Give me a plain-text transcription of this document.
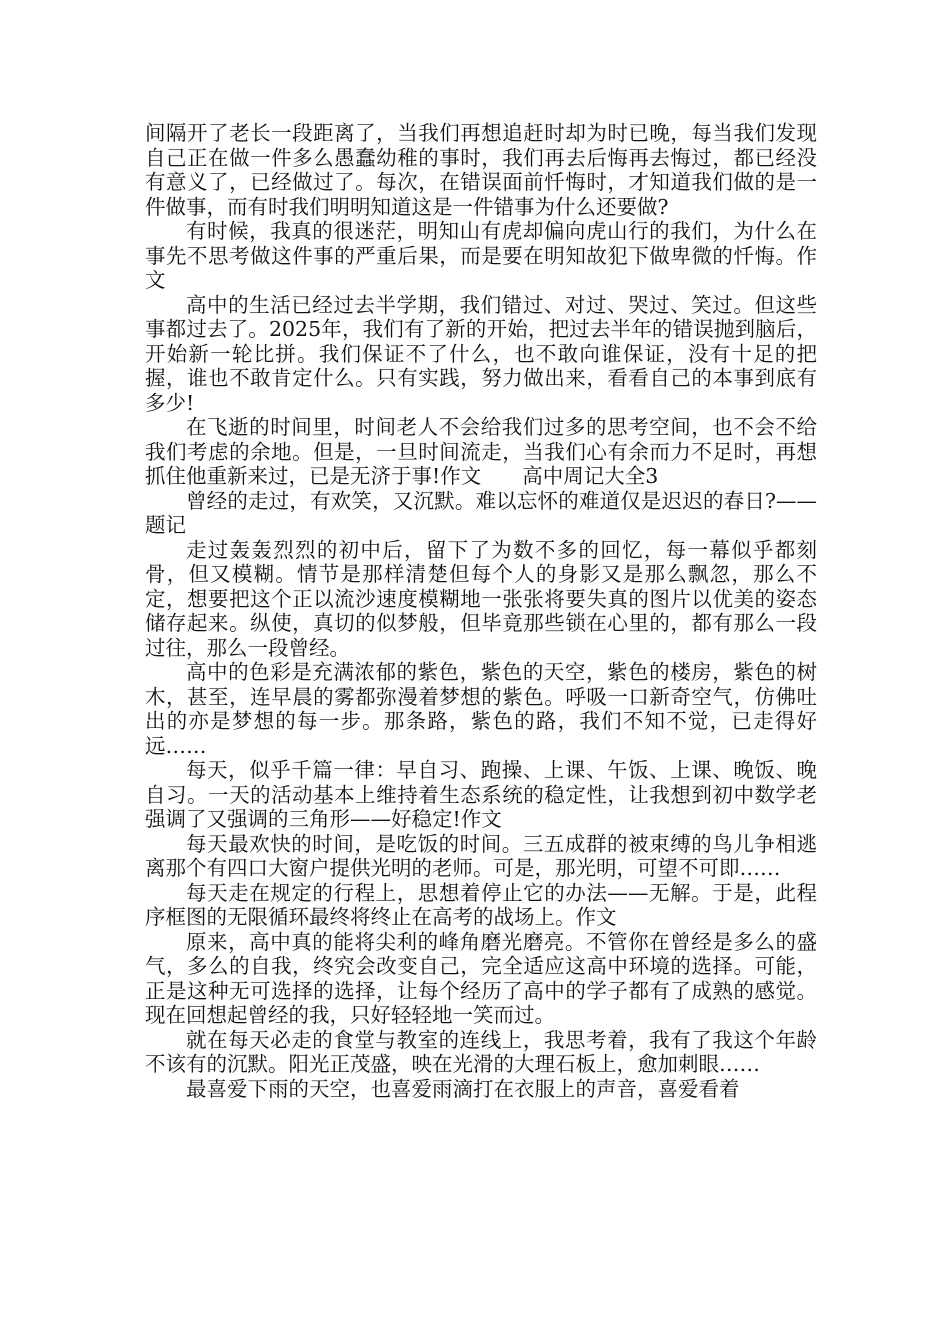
间隔开了老长一段距离了，当我们再想追赶时却为时已晚，每当我们发现自己正在做一件多么愚蠢幼稚的事时，我们再去后悔再去悔过，都已经没有意义了，已经做过了。每次，在错误面前忏悔时，才知道我们做的是一件做事，而有时我们明明知道这是一件错事为什么还要做?

有时候，我真的很迷茫，明知山有虎却偏向虎山行的我们，为什么在事先不思考做这件事的严重后果，而是要在明知故犯下做卑微的忏悔。作文

高中的生活已经过去半学期，我们错过、对过、哭过、笑过。但这些事都过去了。2025年，我们有了新的开始，把过去半年的错误抛到脑后，开始新一轮比拼。我们保证不了什么，也不敢向谁保证，没有十足的把握，谁也不敢肯定什么。只有实践，努力做出来，看看自己的本事到底有多少!

在飞逝的时间里，时间老人不会给我们过多的思考空间，也不会不给我们考虑的余地。但是，一旦时间流走，当我们心有余而力不足时，再想抓住他重新来过，已是无济于事!作文　　高中周记大全3

曾经的走过，有欢笑，又沉默。难以忘怀的难道仅是迟迟的春日?——题记

走过轰轰烈烈的初中后，留下了为数不多的回忆，每一幕似乎都刻骨，但又模糊。情节是那样清楚但每个人的身影又是那么飘忽，那么不定，想要把这个正以流沙速度模糊地一张张将要失真的图片以优美的姿态储存起来。纵使，真切的似梦般，但毕竟那些锁在心里的，都有那么一段过往，那么一段曾经。

高中的色彩是充满浓郁的紫色，紫色的天空，紫色的楼房，紫色的树木，甚至，连早晨的雾都弥漫着梦想的紫色。呼吸一口新奇空气，仿佛吐出的亦是梦想的每一步。那条路，紫色的路，我们不知不觉，已走得好远……

每天，似乎千篇一律：早自习、跑操、上课、午饭、上课、晚饭、晚自习。一天的活动基本上维持着生态系统的稳定性，让我想到初中数学老强调了又强调的三角形——好稳定!作文

每天最欢快的时间，是吃饭的时间。三五成群的被束缚的鸟儿争相逃离那个有四口大窗户提供光明的老师。可是，那光明，可望不可即……

每天走在规定的行程上，思想着停止它的办法——无解。于是，此程序框图的无限循环最终将终止在高考的战场上。作文

原来，高中真的能将尖利的峰角磨光磨亮。不管你在曾经是多么的盛气，多么的自我，终究会改变自己，完全适应这高中环境的选择。可能，正是这种无可选择的选择，让每个经历了高中的学子都有了成熟的感觉。现在回想起曾经的我，只好轻轻地一笑而过。

就在每天必走的食堂与教室的连线上，我思考着，我有了我这个年龄不该有的沉默。阳光正茂盛，映在光滑的大理石板上，愈加刺眼……

最喜爱下雨的天空，也喜爱雨滴打在衣服上的声音，喜爱看着
